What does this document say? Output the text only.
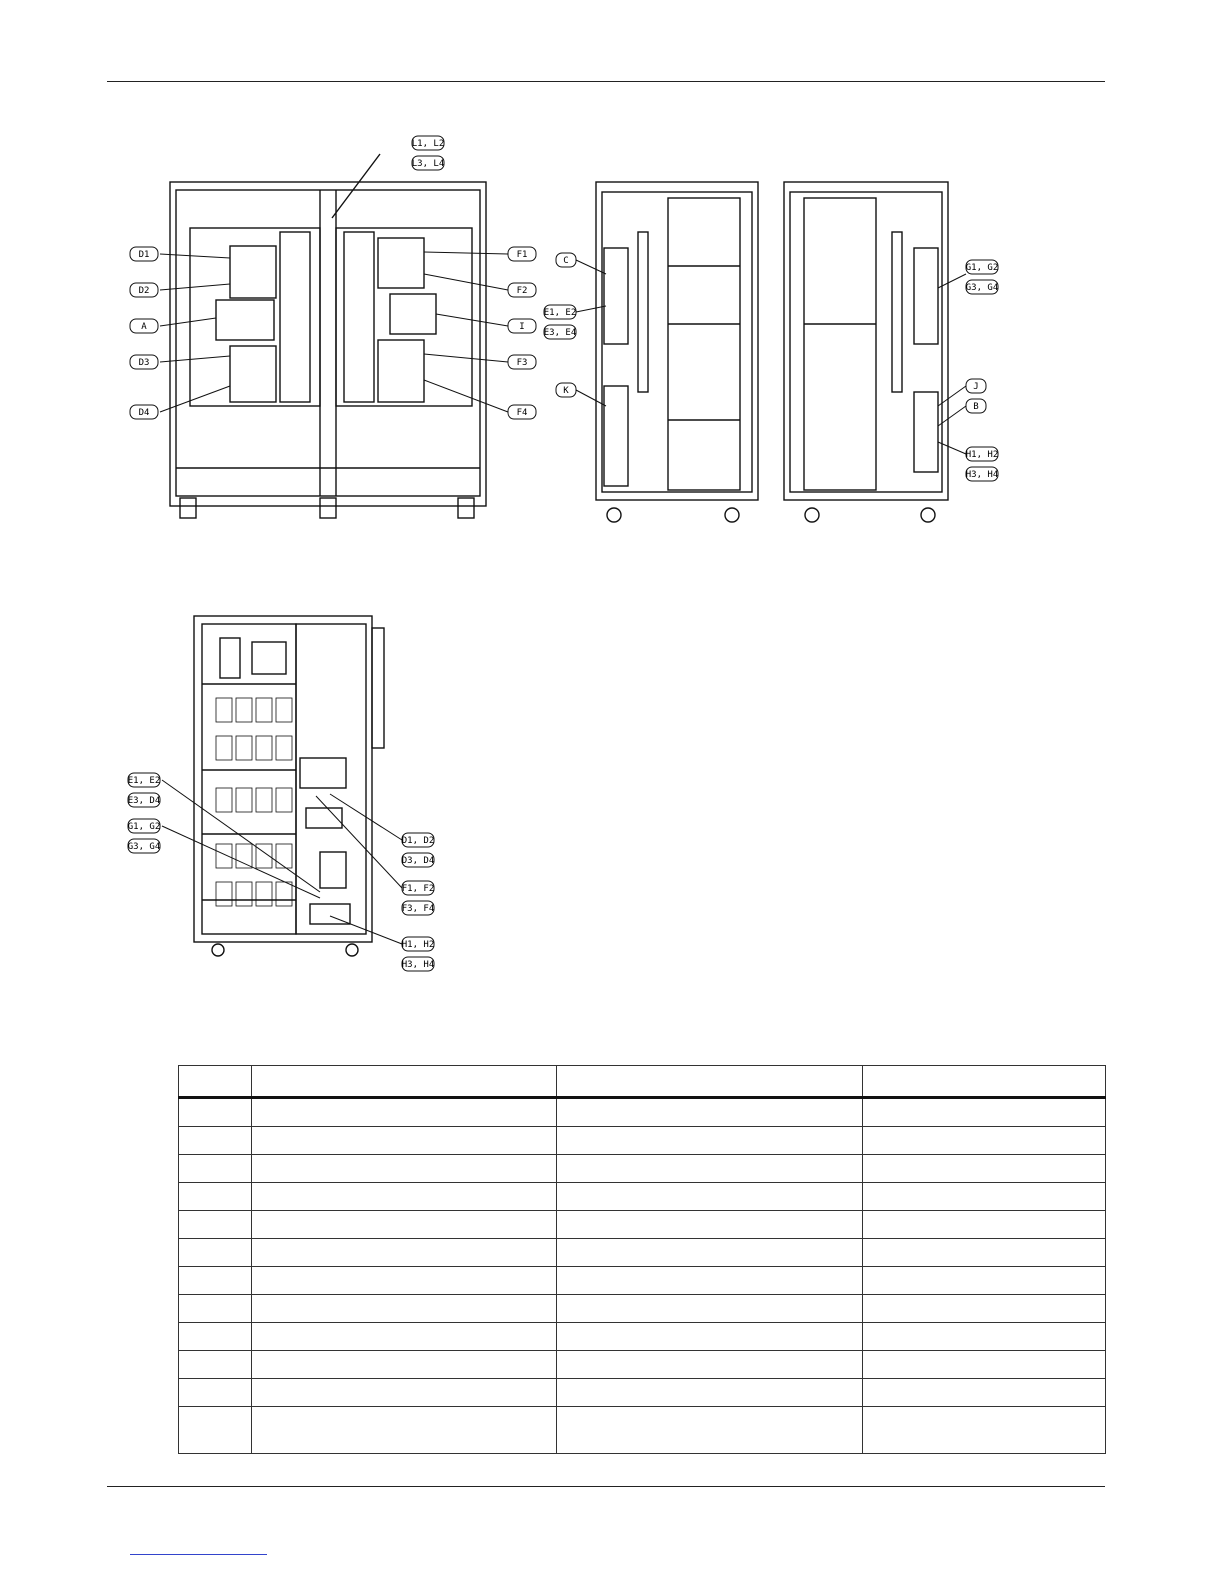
L1, L2
L3, L4
D1
D2
A
D3
D4
F1
F2
I
F3
F4
C
E1, E2
E3, E4
K
G1, G2
G3, G4
J
B
H1, H2
H3, H4
E1, E2
E3, D4
G1, G2
G3, G4
D1, D2
D3, D4
F1, F2
F3, F4
H1, H2
H3, H4
